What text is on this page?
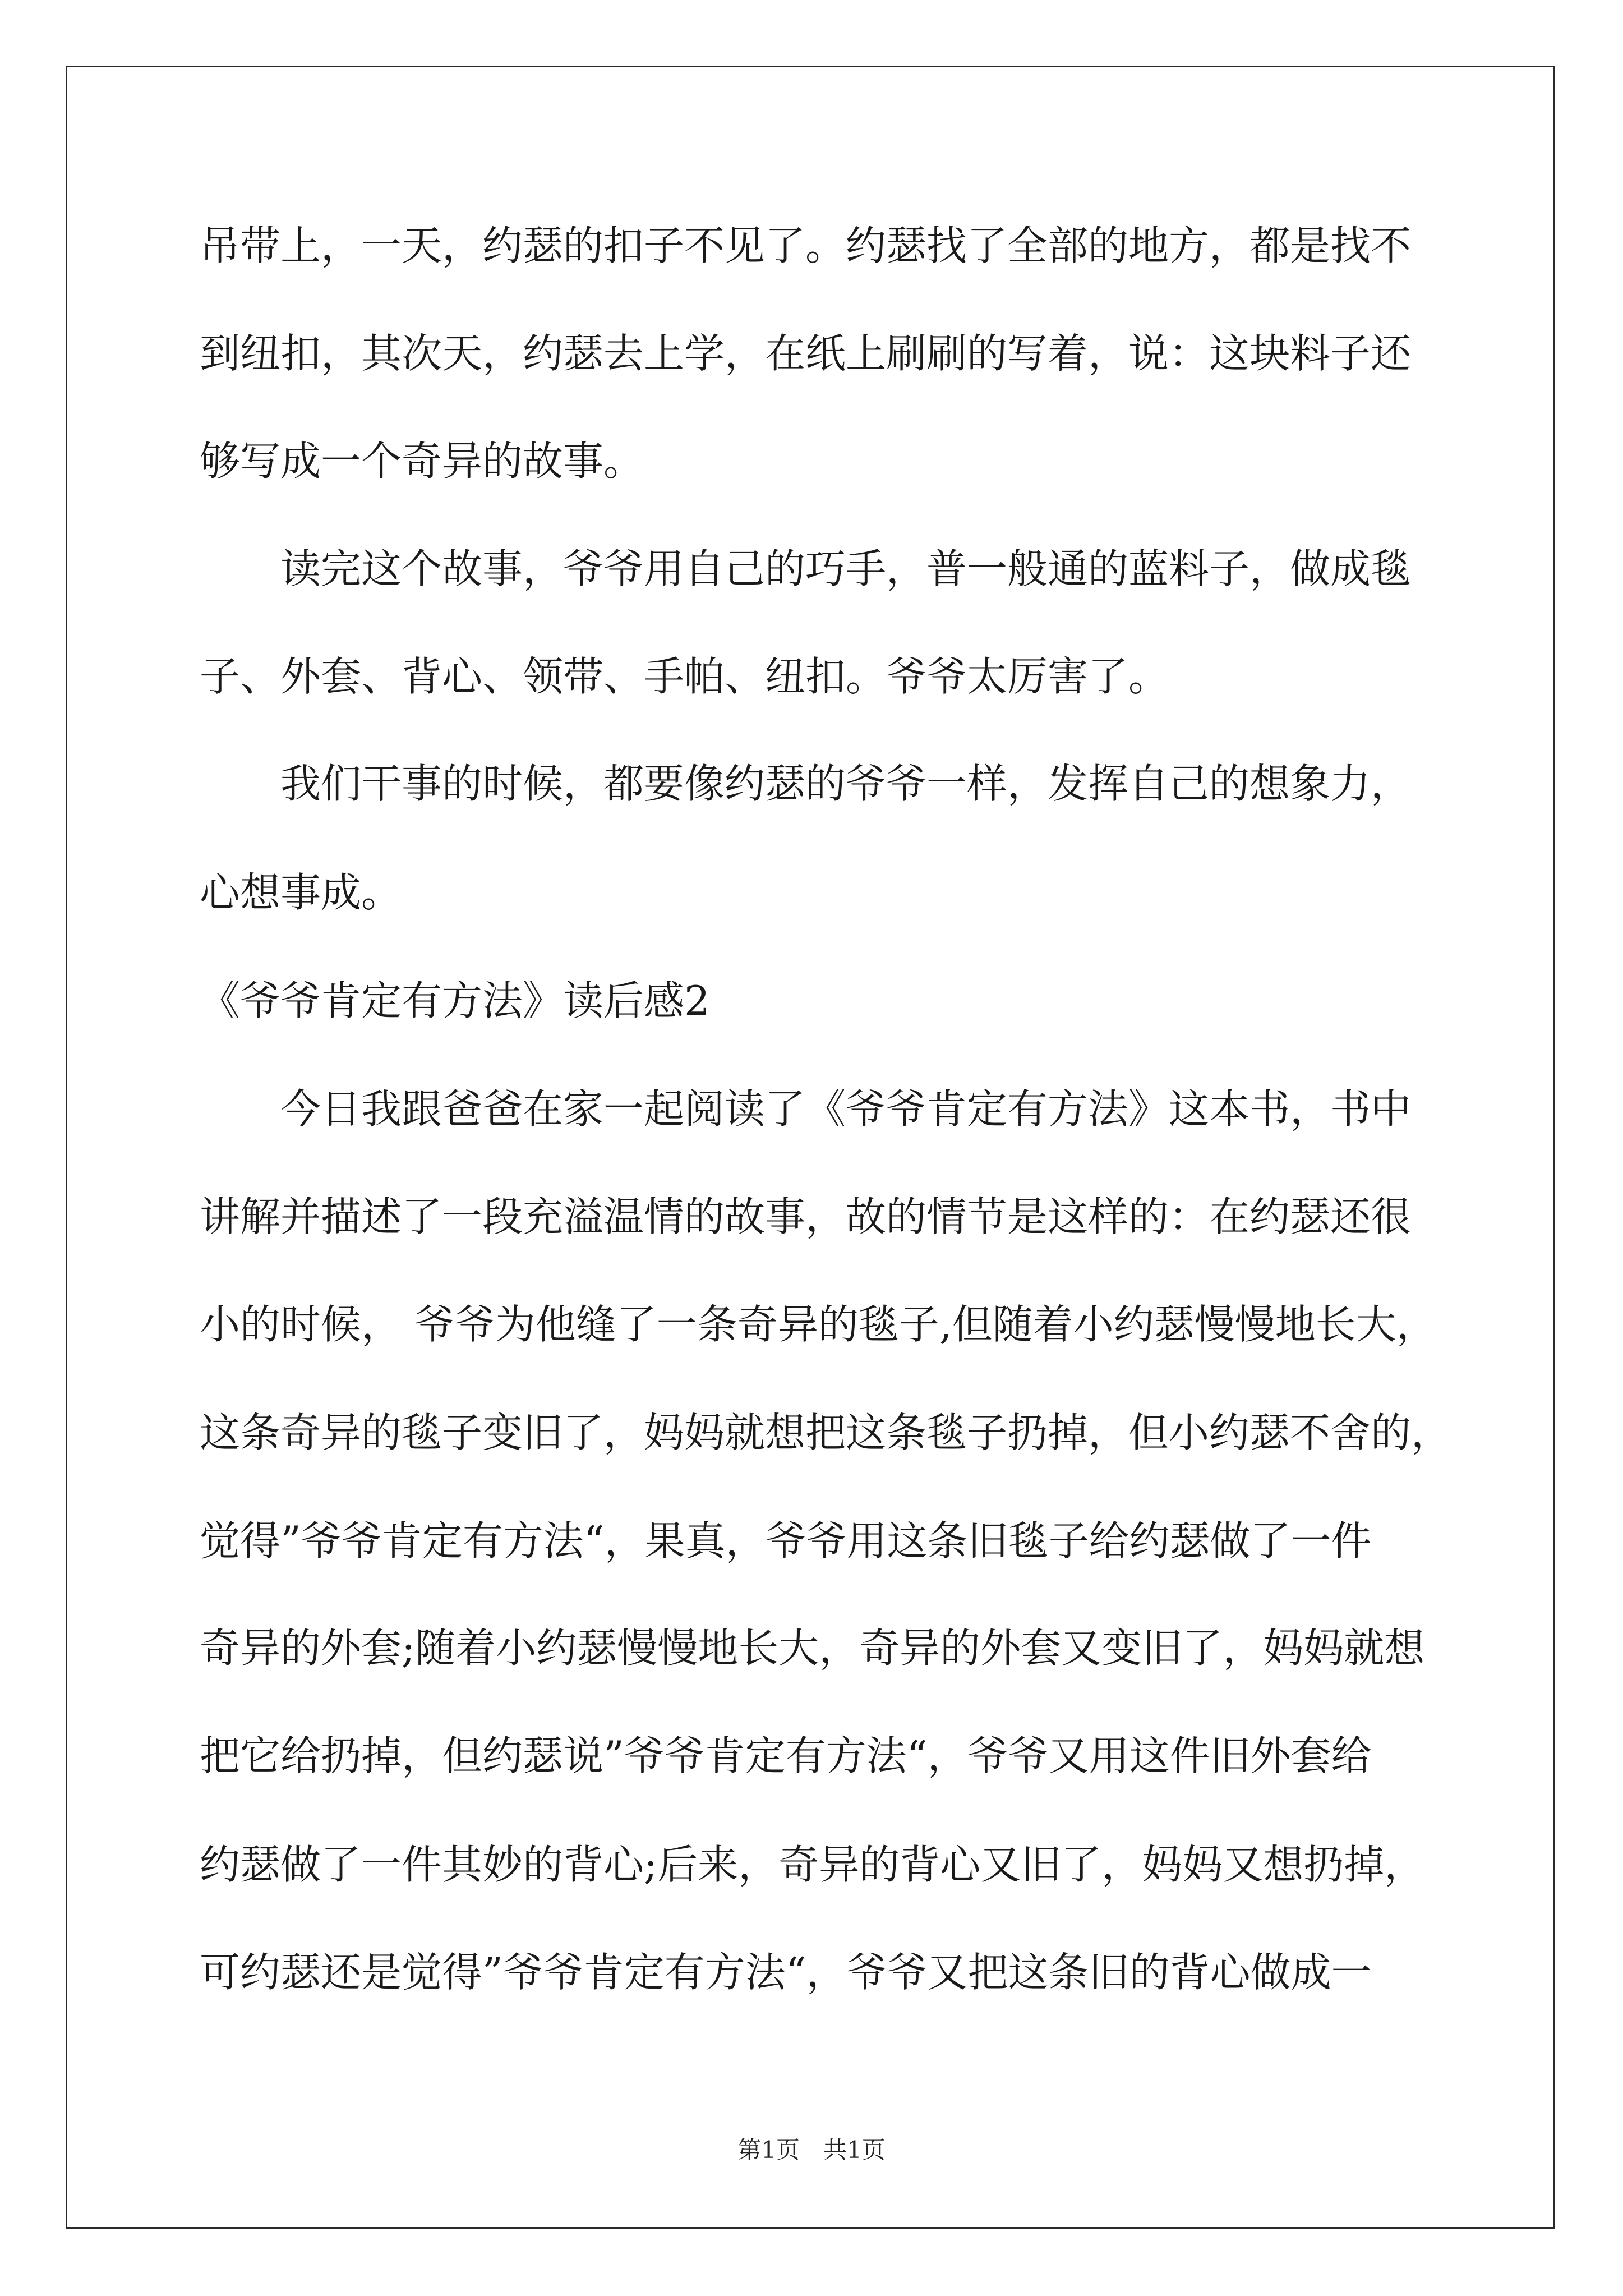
吊带上，一天，约瑟的扣子不见了。约瑟找了全部的地方，都是找不
到纽扣，其次天，约瑟去上学，在纸上刷刷的写着，说：这块料子还
够写成一个奇异的故事。
读完这个故事，爷爷用自己的巧手，普一般通的蓝料子，做成毯
子、外套、背心、领带、手帕、纽扣。爷爷太厉害了。
我们干事的时候，都要像约瑟的爷爷一样，发挥自己的想象力，
心想事成。
《爷爷肯定有方法》读后感2
今日我跟爸爸在家一起阅读了《爷爷肯定有方法》这本书，书中
讲解并描述了一段充溢温情的故事，故的情节是这样的：在约瑟还很
小的时候， 爷爷为他缝了一条奇异的毯子,但随着小约瑟慢慢地长大，
这条奇异的毯子变旧了，妈妈就想把这条毯子扔掉，但小约瑟不舍的，
觉得”爷爷肯定有方法“，果真，爷爷用这条旧毯子给约瑟做了一件
奇异的外套;随着小约瑟慢慢地长大，奇异的外套又变旧了，妈妈就想
把它给扔掉，但约瑟说”爷爷肯定有方法“，爷爷又用这件旧外套给
约瑟做了一件其妙的背心;后来，奇异的背心又旧了，妈妈又想扔掉，
可约瑟还是觉得”爷爷肯定有方法“，爷爷又把这条旧的背心做成一
第1页　共1页
